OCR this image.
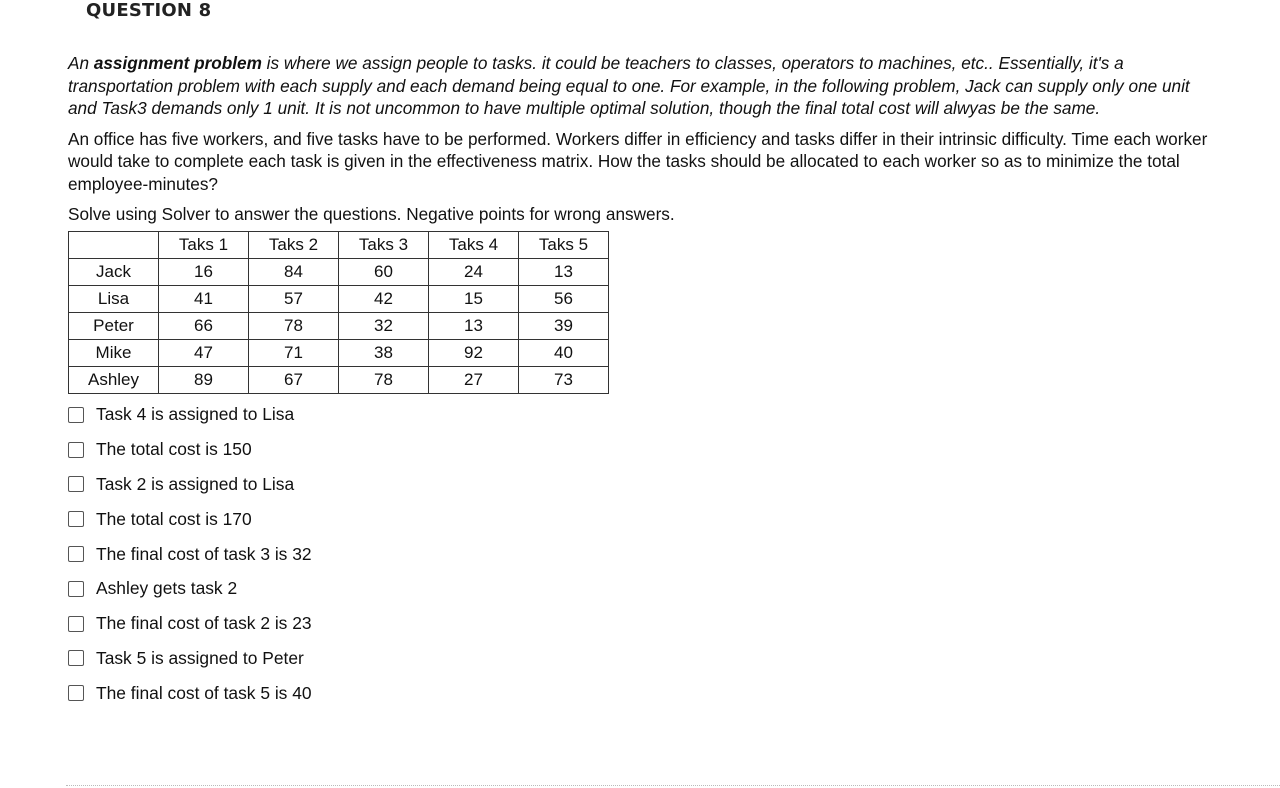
QUESTION 8

An assignment problem is where we assign people to tasks. it could be teachers to classes, operators to machines, etc.. Essentially, it's a transportation problem with each supply and each demand being equal to one. For example, in the following problem, Jack can supply only one unit and Task3 demands only 1 unit. It is not uncommon to have multiple optimal solution, though the final total cost will alwyas be the same.

An office has five workers, and five tasks have to be performed. Workers differ in efficiency and tasks differ in their intrinsic difficulty. Time each worker would take to complete each task is given in the effectiveness matrix. How the tasks should be allocated to each worker so as to minimize the total employee-minutes?

Solve using Solver to answer the questions. Negative points for wrong answers.

	Taks 1	Taks 2	Taks 3	Taks 4	Taks 5
Jack	16	84	60	24	13
Lisa	41	57	42	15	56
Peter	66	78	32	13	39
Mike	47	71	38	92	40
Ashley	89	67	78	27	73
Task 4 is assigned to Lisa
The total cost is 150
Task 2 is assigned to Lisa
The total cost is 170
The final cost of task 3 is 32
Ashley gets task 2
The final cost of task 2 is 23
Task 5 is assigned to Peter
The final cost of task 5 is 40
